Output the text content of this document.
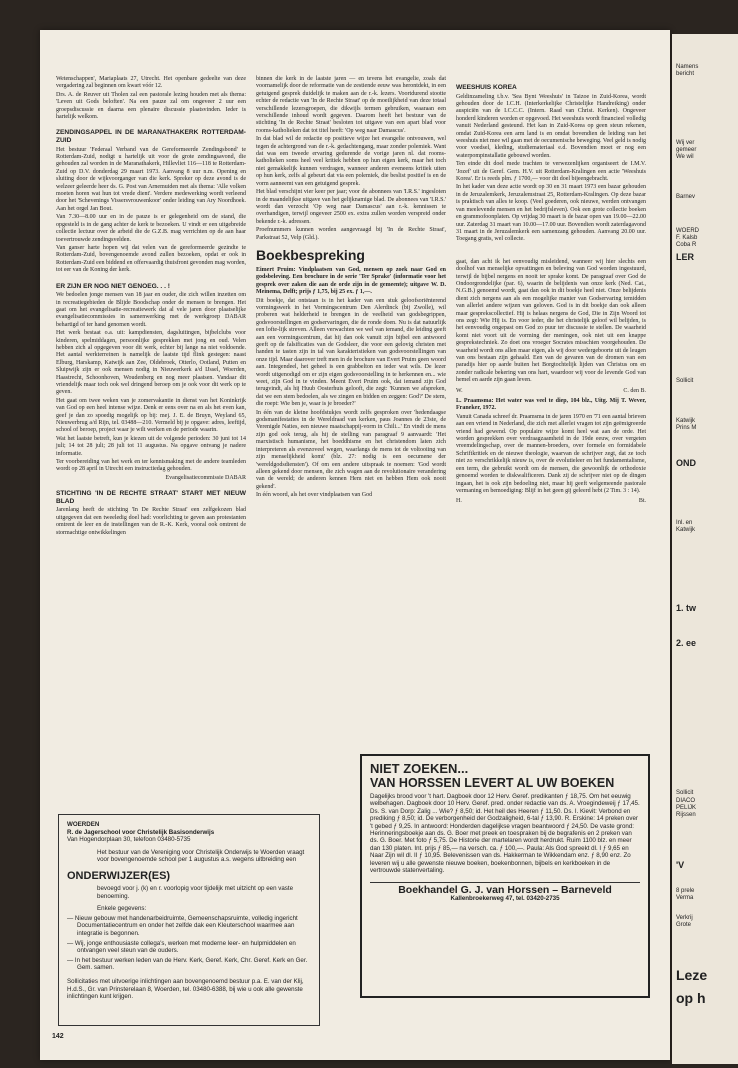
Wetenschappen', Mariaplaats 27, Utrecht. Het openbare gedeelte van deze vergadering zal beginnen om kwart vóór 12.

Drs. A. de Reuver uit Tholen zal een pastorale lezing houden met als thema: 'Leven uit Gods beloften'. Na een pauze zal om ongeveer 2 uur een groepsdiscussie en daarna een plenaire discussie plaatsvinden. Ieder is hartelijk welkom.

ZENDINGSAPPEL IN DE MARANATHAKERK ROTTERDAM-ZUID

Het bestuur 'Federaal Verband van de Gereformeerde Zendingsbond' te Rotterdam-Zuid, nodigt u hartelijk uit voor de grote zendingsavond, die gehouden zal worden in de Maranathakerk, Hillevliet 116—118 te Rotterdam-Zuid op D.V. donderdag 29 maart 1973. Aanvang 8 uur n.m. Opening en sluiting door de wijkvoorganger van die kerk. Spreker op deze avond is de welzeer geleerde heer ds. G. Post van Arnemuiden met als thema: 'Alle volken moeten horen wat hun tot vrede dient'. Verdere medewerking wordt verleend door het 'Schevenings Vissersvrouwenkoor' onder leiding van Ary Noordhoek. Aan het orgel Jan Bout.

Van 7.30—8.00 uur en in de pauze is er gelegenheid om de stand, die opgesteld is in de gang achter de kerk te bezoeken. U vindt er een uitgebreide collectie lectuur over de arbeid die de G.Z.B. mag verrichten op de aan haar toevertrouwde zendingsvelden.

Van ganser harte hopen wij dat velen van de gereformeerde gezindte te Rotterdam-Zuid, bovengenoemde avond zullen bezoeken, opdat er ook in Rotterdam-Zuid een biddend en offervaardig thuisfront gevonden mag worden, tot eer van de Koning der kerk.

ER ZIJN ER NOG NIET GENOEG. . . !

We bedoelen jonge mensen van 18 jaar en ouder, die zich willen inzetten om in recreatiegebieden de Blijde Boodschap onder de mensen te brengen. Het gaat om het evangelisatie-recreatiewerk dat al vele jaren door plaatselijke evangelisatiecommissies in samenwerking met de werkgroep DABAR behartigd of ter hand genomen wordt.

Het werk bestaat o.a. uit: kampdiensten, dagsluitingen, bijbelclubs voor kinderen, spelmiddagen, persoonlijke gesprekken met jong en oud. Velen hebben zich al opgegeven voor dit werk, echter bij lange na niet voldoende. Het aantal werkterreinen is namelijk de laatste tijd flink gestegen: naast Elburg, Harskamp, Katwijk aan Zee, Oldebroek, Otterlo, Ootland, Putten en Sluipwijk zijn er ook mensen nodig in Nieuwerkerk a/d IJssel, Woerden, Haastrecht, Schoonhoven, Woudenberg en nog meer plaatsen. Vandaar dit vriendelijk maar toch ook wel dringend beroep om je ook voor dit werk op te geven.

Het gaat om twee weken van je zomervakantie in dienst van het Koninkrijk van God op een heel intense wijze. Denk er eens over na en als het even kan, geef je dan zo spoedig mogelijk op bij: mej. J. E. de Bruyn, Weyland 65, Nieuwerbrug a/d Rijn, tel. 03488—210. Vermeld bij je opgave: adres, leeftijd, school of beroep, project waar je wilt werken en de periode waarin.

Wat het laatste betreft, kun je kiezen uit de volgende perioden: 30 juni tot 14 juli; 14 tot 28 juli; 28 juli tot 11 augustus. Na opgave ontvang je nadere informatie.

Ter voorbereiding van het werk en ter kennismaking met de andere teamleden wordt op 28 april in Utrecht een instructiedag gehouden.

Evangelisatiecommissie DABAR

STICHTING 'IN DE RECHTE STRAAT' START MET NIEUW BLAD

Jarenlang heeft de stichting 'In De Rechte Straat' een zelfgekozen blad uitgegeven dat een tweeledig doel had: voorlichting te geven aan protestanten omtrent de leer en de instellingen van de R.-K. Kerk, vooral ook omtrent de stormachtige ontwikkelingen

binnen die kerk in de laatste jaren — en tevens het evangelie, zoals dat voornamelijk door de reformatie van de zestiende eeuw was herontdekt, in een getuigend gesprek duidelijk te maken aan de r.-k. lezers. Voortdurend stootte echter de redactie van 'In de Rechte Straat' op de moeilijkheid van deze totaal verschillende lezersgroepen, die dikwijls termen gebruiken, waaraan een verschillende inhoud wordt gegeven. Daarom heeft het bestuur van de stichting 'In de Rechte Straat' besloten tot uitgave van een apart blad voor rooms-katholieken dat tot titel heeft: 'Op weg naar Damascus'.

In dat blad wil de redactie op positieve wijze het evangelie ontvouwen, wel tegen de achtergrond van de r.-k. gedachtengang, maar zonder polemiek. Want dat was een tweede ervaring gedurende de vorige jaren nl. dat rooms-katholieken soms heel veel kritiek hebben op hun eigen kerk, maar het toch niet gemakkelijk kunnen verdragen, wanneer anderen eveneens kritiek uiten op hun kerk, zelfs al gebeurt dat via een polemiek, die beslist positief is en de vorm aanneemt van een getuigend gesprek.

Het blad verschijnt vier keer per jaar; voor de abonnees van 'I.R.S.' ingesloten in de maandelijkse uitgave van het gelijknamige blad. De abonnees van 'I.R.S.' wordt dan verzocht 'Op weg naar Damascus' aan r.-k. kennissen te overhandigen, terwijl ongeveer 2500 ex. extra zullen worden verspreid onder bekende r.-k. adressen.

Proefnummers kunnen worden aangevraagd bij 'In de Rechte Straat', Parkstraat 52, Velp (Gld.).

Boekbespreking

Eimert Pruim: Vindplaatsen van God, mensen op zoek naar God en godsbeleving. Een brochure in de serie 'Ter Sprake' (informatie voor het gesprek over zaken die aan de orde zijn in de gemeente); uitgave W. D. Meinema, Delft; prijs ƒ 1,75, bij 25 ex. ƒ 1,—.

Dit boekje, dat ontstaan is in het kader van een stuk geloofsoriënterend vormingswerk in het Vormingscentrum Den Alerdinck (bij Zwolle), wil proberen wat helderheid te brengen in de veelheid van godsbegrippen, godsvoorstellingen en godservaringen, die de ronde doen. Nu is dat natuurlijk een lofte-lijk streven. Alleen verwachten we wel van iemand, die leiding geeft aan een vormingscentrum, dat hij dan ook vanuit zijn bijbel een antwoord geeft op de falsificaties van de Godsleer, die voor een gelovig christen met handen te tasten zijn in tal van karakteristieken van godsvoorstellingen van onze tijd. Maar daarover treft men in de brochure van Evert Pruim geen woord aan. Integendeel, het geheel is een grabbelton en ieder wat wils. De lezer wordt uitgenodigd om er zijn eigen godsvoorstelling in te herkennen en... wie weet, zijn God in te vinden. Meent Evert Pruim ook, dat iemand zijn God terugvindt, als hij Huub Oosterhuis gelooft, die zegt: 'Kunnen we afspreken, dat we een stem bedoelen, als we zingen en bidden en zeggen: God?' De stem, die roept: Wie ben je, waar is je broeder?'

In één van de kleine hoofdstukjes wordt zelfs gesproken over 'hedendaagse godsmanifestaties in de Wereldraad van kerken, paus Joannes de 23ste, de Verenigde Naties, een nieuwe maatschappij-vorm in Chili...' En vindt de mens zijn god ook terug, als hij de stelling van paragraaf 9 aanvaardt: 'Het marxistisch humanisme, het boeddhisme en het christendom laten zich interpreteren als evenzoveel wegen, waarlangs de mens tot de voltooiing van zijn menselijkheid komt' (blz. 27: nodig is een oecumene der 'wereldgodsdiensten'). Of om een andere uitspraak te noemen: 'God wordt alleen gekend door mensen, die zich wagen aan de revolutionaire verandering van de wereld; de anderen kennen Hem niet en hebben Hem ook nooit gekend'.

In één woord, als het over vindplaatsen van God

WEESHUIS KOREA

Geldinzameling t.b.v. 'Sea Bynt Weeshuis' in Taizoe in Zuid-Korea, wordt gehouden door de I.C.H. (Interkerkelijke Christelijke Handreiking) onder auspiciën van de I.C.C.C. (Intern. Raad van Christ. Kerken). Ongeveer honderd kinderen worden er opgevoed. Het weeshuis wordt financieel volledig vanuit Nederland gesteund. Het kan in Zuid-Korea op geen steun rekenen, omdat Zuid-Korea een arm land is en omdat bovendien de leiding van het weeshuis niet mee wil gaan met de oecumenische beweging. Veel geld is nodig voor voedsel, kleding, studiemateriaal e.d. Bovendien moet er nog een waterpompinstallatie gebouwd worden.

Ten einde dit doel mede trachten te verwezenlijken organiseert de I.M.V. 'Jozef' uit de Geref. Gem. H.V. uit Rotterdam-Kralingen een actie 'Weeshuis Korea'. Er is reeds plm. ƒ 1700,— voor dit doel bijeengebracht.

In het kader van deze actie wordt op 30 en 31 maart 1973 een bazar gehouden in de Jeruzalemkerk, Jeruzalemstraat 25, Rotterdam-Kralingen. Op deze bazar is praktisch van alles te koop. (Veel goederen, ook nieuwe, werden ontvangen van meelevende mensen en het bedrijfsleven). Ook een grote collectie boeken en grammofoonplaten. Op vrijdag 30 maart is de bazar open van 19.00—22.00 uur. Zaterdag 31 maart van 10.00—17.00 uur. Bovendien wordt zaterdagavond 31 maart in de Jeruzalemkerk een samenzang gehouden. Aanvang 20.00 uur. Toegang gratis, wel collecte.

gaat, dan acht ik het eenvoudig misleidend, wanneer wij hier slechts een doolhof van menselijke opvattingen en beleving van God worden ingestuurd, terwijl de bijbel nergens en nooit ter sprake komt. De paragraaf over God de Ondoorgrondelijke (par. 6), waarin de belijdenis van onze kerk (Ned. Cat., N.G.B.) genoemd wordt, gaat dan ook in dit boekje heel niet. Onze belijdenis dient zich nergens aan als een mogelijke manier van Godservaring temidden van allerlei andere wijzen van geloven. God is in dit boekje dan ook alleen maar gesprekscollectief. Hij is helaas nergens de God, Die in Zijn Woord tot ons zegt: Wie Hij is. En voor ieder, die het christelijk geloof wil belijden, is het eenvoudig ongepast om God zo puur ter discussie te stellen. De waarheid komt niet voort uit de vorming der meningen, ook niet uit een knappe gesprekstechniek. Zo doet ons vroeger Socrates misschien voorgehouden. De waarheid wordt ons allen maar eigen, als wij door wedergeboorte uit de leugen van ons bestaan zijn gehaald. Een van de gevaren van de dromen van een paradijs hier op aarde buiten het Borgtochtelijk lijden van Christus om en zonder radicale bekering van ons hart, waardoor wij voor de levende God van hemel en aarde zijn gaan leven.

W.	C. den B.

L. Praamsma: Het water was veel te diep, 104 blz., Uitg. Mij T. Wever, Franeker, 1972.

Vanuit Canada schreef dr. Praamsma in de jaren 1970 en '71 een aantal brieven aan een vriend in Nederland, die zich met allerlei vragen tot zijn geëmigreerde vriend had gewend. Op populaire wijze komt heel wat aan de orde. Het worden gesprekken over verdraagzaamheid in de 19de eeuw, over vergeten vreemdelingschap, over de mannen-broeders, over formele en formidabele Schriftkritiek en de nieuwe theologie, waarvan de schrijver zegt, dat ze toch niet zo verschrikkelijk nieuw is, over de evolutieleer en het fundamentalisme, een term, die gebruikt wordt om de mensen, die gewoonlijk de orthodoxie genoemd worden te diskwalificeren. Dank zij de schrijver niet op de dingen ingaan, het is ook zijn bedoeling niet, maar hij geeft welgemeende pastorale vermaning en bemoediging: Blijf in het geen gij geleerd hebt (2 Tim. 3 : 14).

H.	Bt.
WOERDEN
R. de Jagerschool voor Christelijk Basisonderwijs
Van Hogendorplaan 30, telefoon 03480-5735
Het bestuur van de Vereniging voor Christelijk Onderwijs te Woerden vraagt voor bovengenoemde school per 1 augustus a.s. wegens uitbreiding een
ONDERWIJZER(ES)
bevoegd voor j. (k) en r. voorlopig voor tijdelijk met uitzicht op een vaste benoeming.
Enkele gegevens:
— Nieuw gebouw met handenarbeidruimte, Gemeenschapsruimte, volledig ingericht Documentatiecentrum en onder het zelfde dak een Kleuterschool waarmee aan integratie is begonnen.
— Wij, jonge enthousiaste collega's, werken met moderne leer- en hulpmiddelen en ontvangen veel steun van de ouders.
— In het bestuur werken leden van de Herv. Kerk, Geref. Kerk, Chr. Geref. Kerk en Ger. Gem. samen.
Sollicitaties met uitvoerige inlichtingen aan bovengenoemd bestuur p.a. E. van der Klij, H.d.S., Gr. van Prinsterelaan 8, Woerden, tel. 03480-6388, bij wie u ook alle gewenste inlichtingen kunt krijgen.
NIET ZOEKEN...
VAN HORSSEN LEVERT AL UW BOEKEN
Dagelijks brood voor 't hart. Dagboek door 12 Herv. Geref. predikanten ƒ 18,75. Om het eeuwig welbehagen. Dagboek door 10 Herv. Geref. pred. onder redactie van ds. A. Vroegindeweij ƒ 17,45. Ds. S. van Dorp: Zalig ... Wie? ƒ 8,50; id. Het heil des Heeren ƒ 11,50. Ds. I. Kievit: Verbond en prediking ƒ 8,50; id. De verborgenheid der Godzaligheid, 6-tal ƒ 13,90. R. Erskine: 14 preken over 't gebed ƒ 9,25. In antwoord: Honderden dagelijkse vragen beantwoord ƒ 24,50. De vaste grond: Herinneringsboekje aan ds. G. Boer met preek en toespraken bij de begrafenis en 2 preken van ds. G. Boer. Met foto ƒ 5,75. De Historie der martelaren wordt herdrukt. Ruim 1100 blz. en meer dan 130 platen. Int. prijs ƒ 85,— na versch. ca. ƒ 100,—. Paula: Als God spreekt dl. I ƒ 9,65 en Naar Zijn wil dl. II ƒ 10,95. Belevenissen van ds. Hakkerman te Wikkendam enz. ƒ 8,90 enz. Zo leveren wij u alle gewenste nieuwe boeken, boekenbonnen, bijbels en kerkboeken in de vertrouwde statenvertaling.
Boekhandel G. J. van Horssen – Barneveld
Kallenbroekerweg 47, tel. 03420-2735
142
Namens
bericht
Wij ver
gemeer
We wil
Barnev
WOERD
F. Kalsb
Coba R
LER
Sollicit
Katwijk
Prins M
OND
Inl. en
Katwijk
1. tw
2. ee
Sollicit
DIACO
PELIJK
Rijssen
'V
8 prele
Verma
Verkrij
Grote
Leze
op h
